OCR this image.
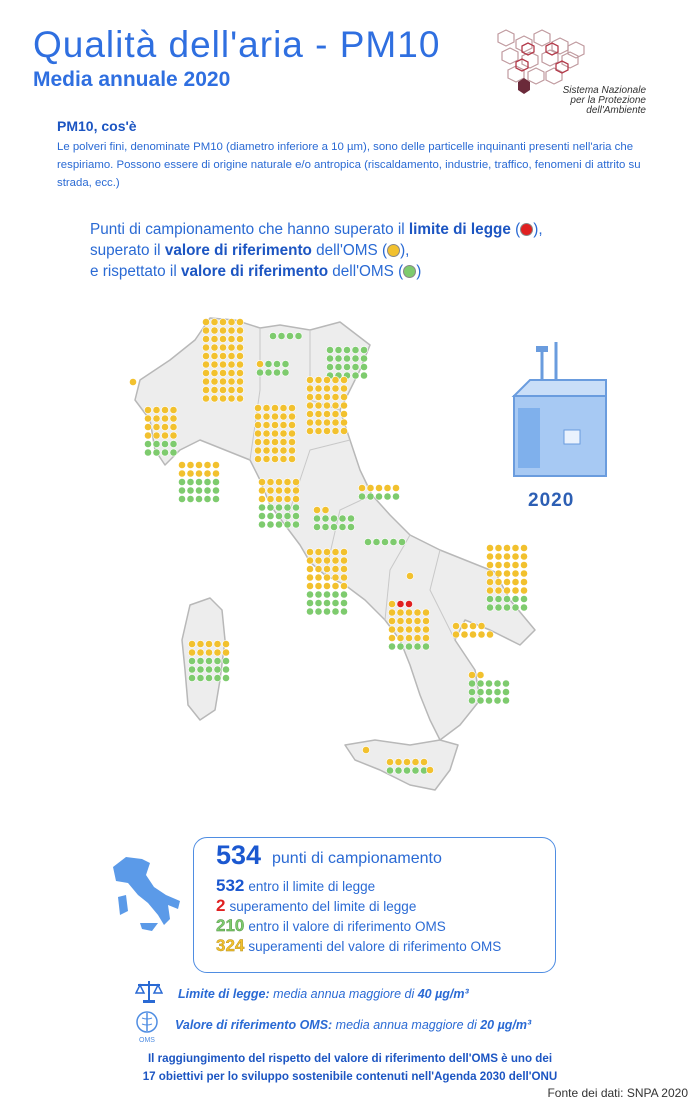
Qualità dell'aria - PM10
Media annuale 2020	Sistema Nazionale
per la Protezione
dell'Ambiente
PM10, cos'è
Le polveri fini, denominate PM10 (diametro inferiore a 10 µm), sono delle particelle inquinanti presenti nell'aria che respiriamo. Possono essere di origine naturale e/o antropica (riscaldamento, industrie, traffico, fenomeni di attrito su strada, ecc.)
Punti di campionamento che hanno superato il limite di legge ( ),
superato il valore di riferimento dell'OMS ( ),
e rispettato il valore di riferimento dell'OMS ( )
2020
534 punti di campionamento
532 entro il limite di legge
2 superamento del limite di legge
210 entro il valore di riferimento OMS
324 superamenti del valore di riferimento OMS
Limite di legge: media annua maggiore di 40 µg/m³
OMS
Valore di riferimento OMS: media annua maggiore di 20 µg/m³
Il raggiungimento del rispetto del valore di riferimento dell'OMS è uno dei
17 obiettivi per lo sviluppo sostenibile contenuti nell'Agenda 2030 dell'ONU
Fonte dei dati: SNPA 2020
